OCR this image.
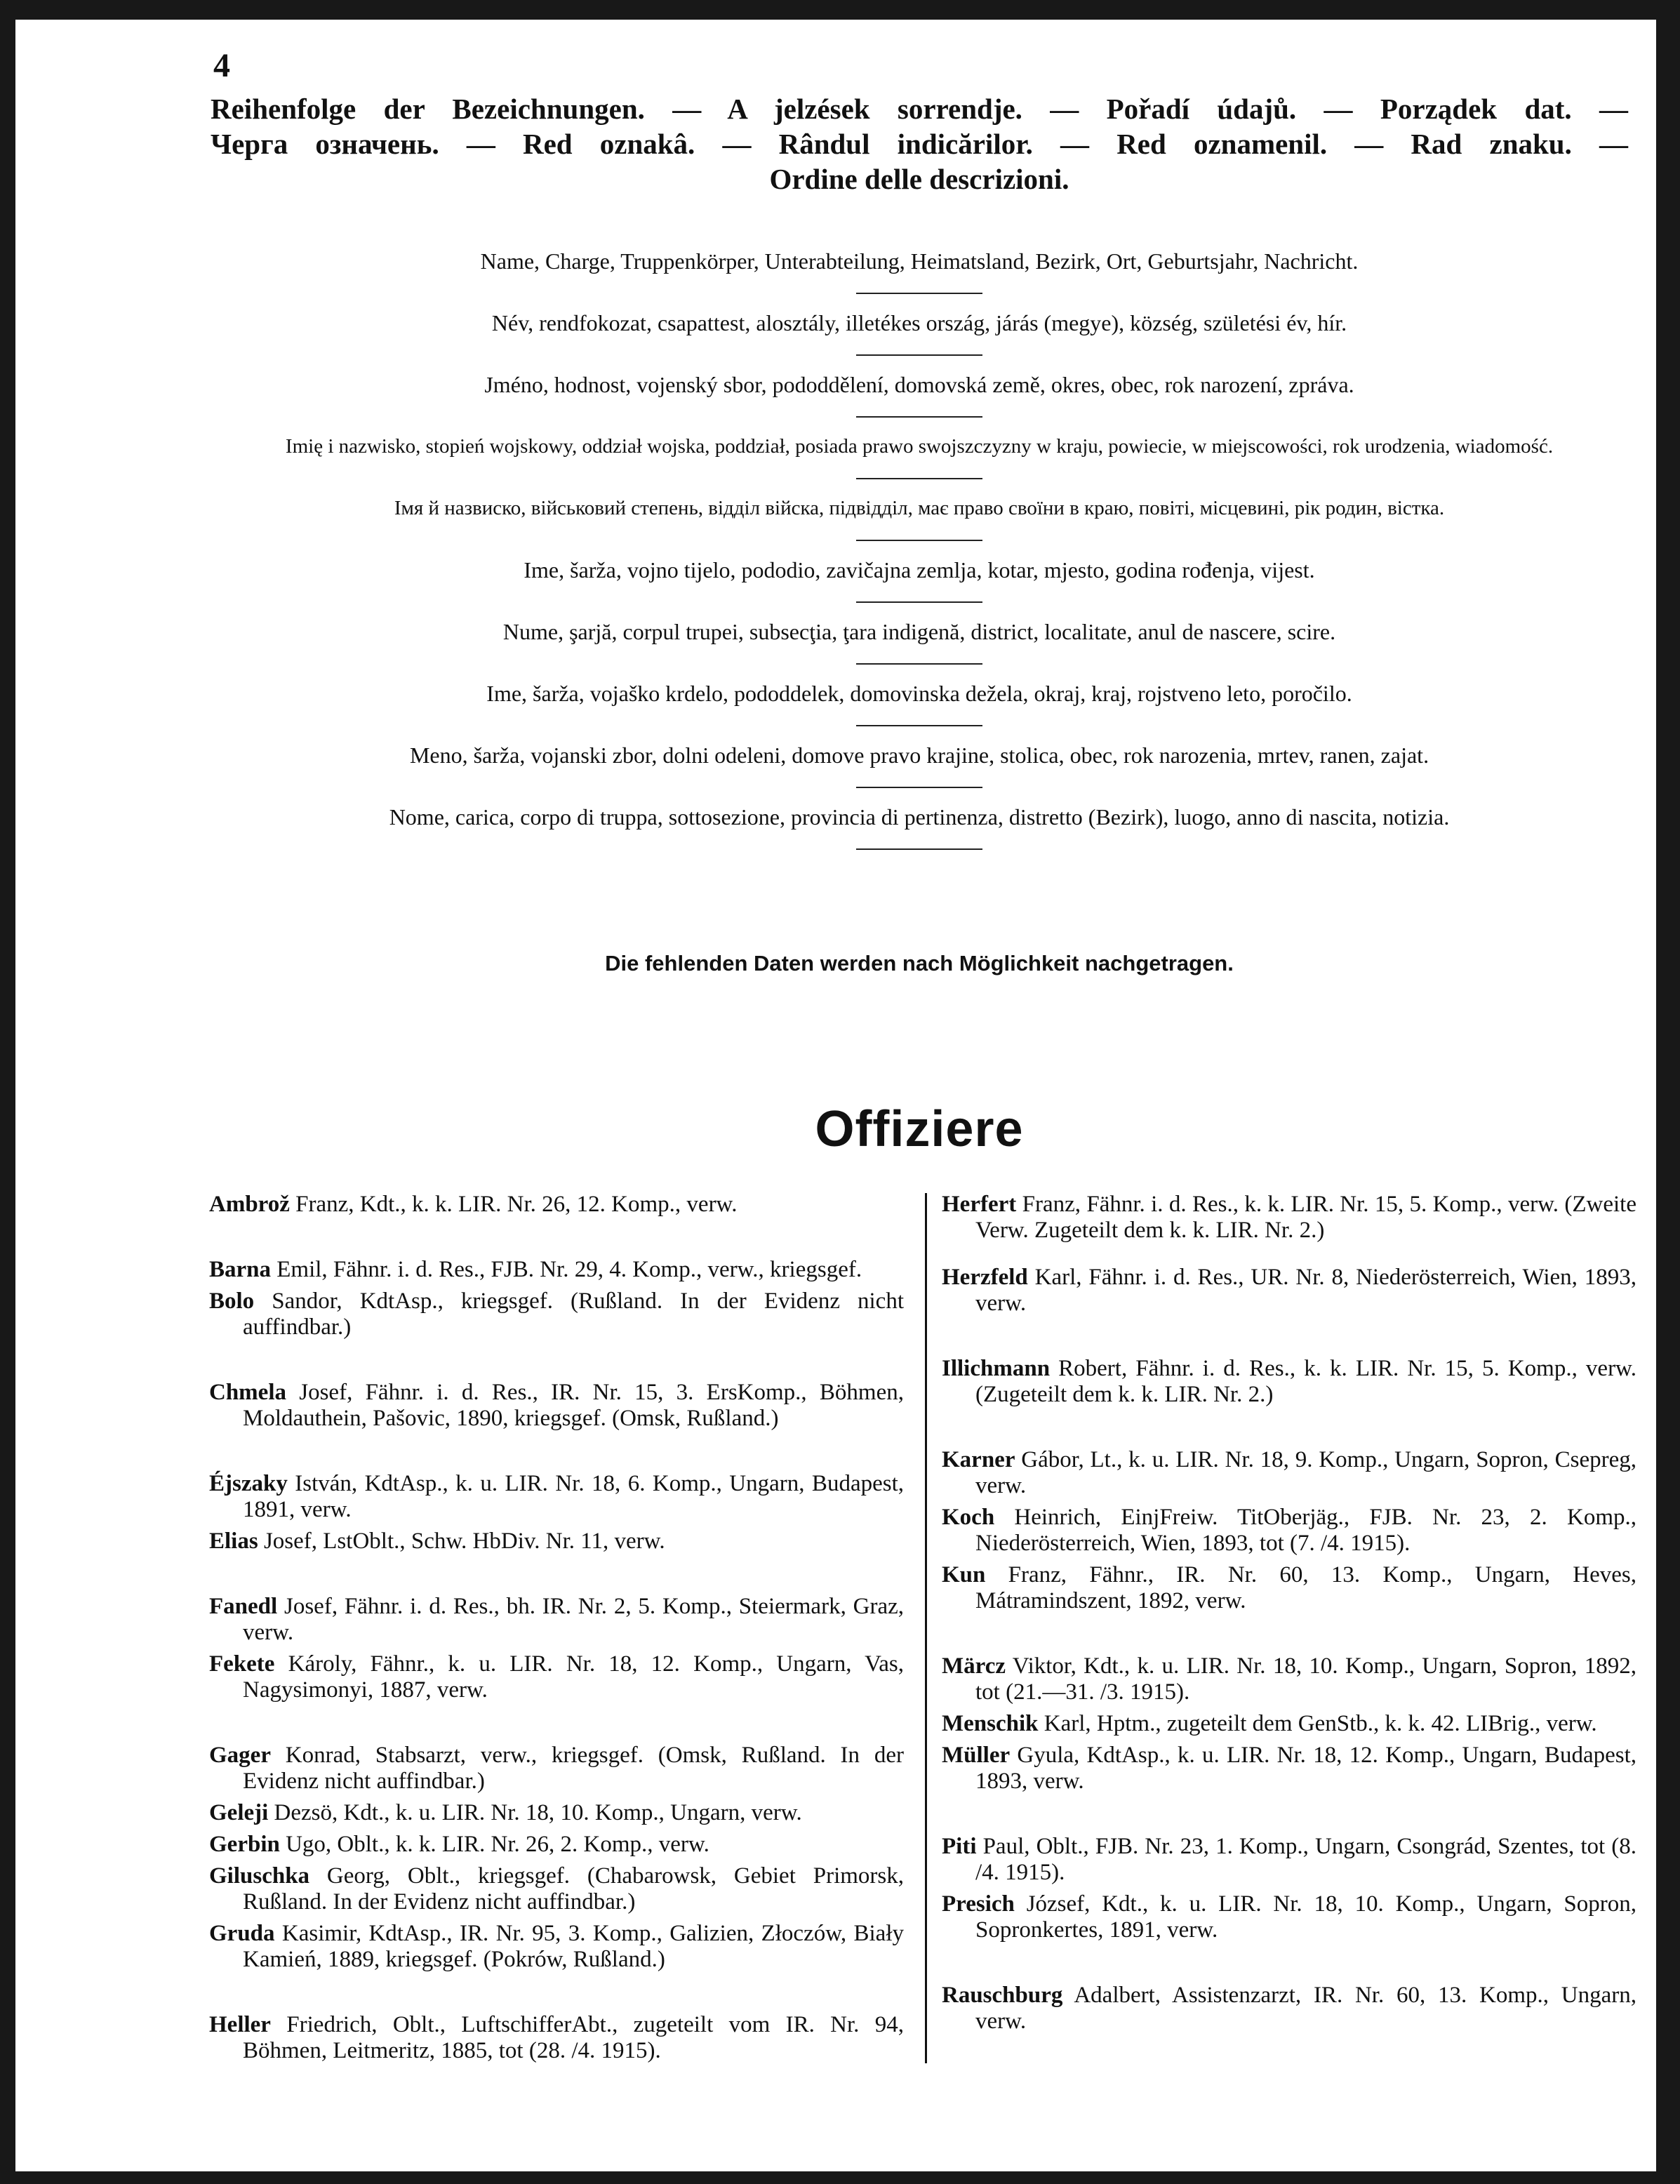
4
Reihenfolge der Bezeichnungen. — A jelzések sorrendje. — Pořadí údajů. — Porządek dat. —
Черга означень. — Red oznakâ. — Rândul indicărilor. — Red oznamenil. — Rad znaku. —
Ordine delle descrizioni.
Name, Charge, Truppenkörper, Unterabteilung, Heimatsland, Bezirk, Ort, Geburtsjahr, Nachricht.
Név, rendfokozat, csapattest, alosztály, illetékes ország, járás (megye), község, születési év, hír.
Jméno, hodnost, vojenský sbor, pododdělení, domovská země, okres, obec, rok narození, zpráva.
Imię i nazwisko, stopień wojskowy, oddział wojska, poddział, posiada prawo swojszczyzny w kraju, powiecie, w miejscowości, rok urodzenia, wiadomość.
Імя й назвиско, військовий степень, відділ війска, підвідділ, має право своїни в краю, повіті, місцевині, рік родин, вістка.
Ime, šarža, vojno tijelo, pododio, zavičajna zemlja, kotar, mjesto, godina rođenja, vijest.
Nume, şarjă, corpul trupei, subsecţia, ţara indigenă, district, localitate, anul de nascere, scire.
Ime, šarža, vojaško krdelo, pododdelek, domovinska dežela, okraj, kraj, rojstveno leto, poročilo.
Meno, šarža, vojanski zbor, dolni odeleni, domove pravo krajine, stolica, obec, rok narozenia, mrtev, ranen, zajat.
Nome, carica, corpo di truppa, sottosezione, provincia di pertinenza, distretto (Bezirk), luogo, anno di nascita, notizia.
Die fehlenden Daten werden nach Möglichkeit nachgetragen.
Offiziere
Ambrož Franz, Kdt., k. k. LIR. Nr. 26, 12. Komp., verw.
Barna Emil, Fähnr. i. d. Res., FJB. Nr. 29, 4. Komp., verw., kriegsgef.
Bolo Sandor, KdtAsp., kriegsgef. (Rußland. In der Evidenz nicht auffindbar.)
Chmela Josef, Fähnr. i. d. Res., IR. Nr. 15, 3. ErsKomp., Böhmen, Moldauthein, Pašovic, 1890, kriegsgef. (Omsk, Rußland.)
Éjszaky István, KdtAsp., k. u. LIR. Nr. 18, 6. Komp., Ungarn, Budapest, 1891, verw.
Elias Josef, LstOblt., Schw. HbDiv. Nr. 11, verw.
Fanedl Josef, Fähnr. i. d. Res., bh. IR. Nr. 2, 5. Komp., Steiermark, Graz, verw.
Fekete Károly, Fähnr., k. u. LIR. Nr. 18, 12. Komp., Ungarn, Vas, Nagysimonyi, 1887, verw.
Gager Konrad, Stabsarzt, verw., kriegsgef. (Omsk, Rußland. In der Evidenz nicht auffindbar.)
Geleji Dezsö, Kdt., k. u. LIR. Nr. 18, 10. Komp., Ungarn, verw.
Gerbin Ugo, Oblt., k. k. LIR. Nr. 26, 2. Komp., verw.
Giluschka Georg, Oblt., kriegsgef. (Chabarowsk, Gebiet Primorsk, Rußland. In der Evidenz nicht auffindbar.)
Gruda Kasimir, KdtAsp., IR. Nr. 95, 3. Komp., Galizien, Złoczów, Biały Kamień, 1889, kriegsgef. (Pokrów, Rußland.)
Heller Friedrich, Oblt., LuftschifferAbt., zugeteilt vom IR. Nr. 94, Böhmen, Leitmeritz, 1885, tot (28. /4. 1915).
Herfert Franz, Fähnr. i. d. Res., k. k. LIR. Nr. 15, 5. Komp., verw. (Zweite Verw. Zugeteilt dem k. k. LIR. Nr. 2.)
Herzfeld Karl, Fähnr. i. d. Res., UR. Nr. 8, Niederösterreich, Wien, 1893, verw.
Illichmann Robert, Fähnr. i. d. Res., k. k. LIR. Nr. 15, 5. Komp., verw. (Zugeteilt dem k. k. LIR. Nr. 2.)
Karner Gábor, Lt., k. u. LIR. Nr. 18, 9. Komp., Ungarn, Sopron, Csepreg, verw.
Koch Heinrich, EinjFreiw. TitOberjäg., FJB. Nr. 23, 2. Komp., Niederösterreich, Wien, 1893, tot (7. /4. 1915).
Kun Franz, Fähnr., IR. Nr. 60, 13. Komp., Ungarn, Heves, Mátramindszent, 1892, verw.
Märcz Viktor, Kdt., k. u. LIR. Nr. 18, 10. Komp., Ungarn, Sopron, 1892, tot (21.—31. /3. 1915).
Menschik Karl, Hptm., zugeteilt dem GenStb., k. k. 42. LIBrig., verw.
Müller Gyula, KdtAsp., k. u. LIR. Nr. 18, 12. Komp., Ungarn, Budapest, 1893, verw.
Piti Paul, Oblt., FJB. Nr. 23, 1. Komp., Ungarn, Csongrád, Szentes, tot (8. /4. 1915).
Presich József, Kdt., k. u. LIR. Nr. 18, 10. Komp., Ungarn, Sopron, Sopronkertes, 1891, verw.
Rauschburg Adalbert, Assistenzarzt, IR. Nr. 60, 13. Komp., Ungarn, verw.
